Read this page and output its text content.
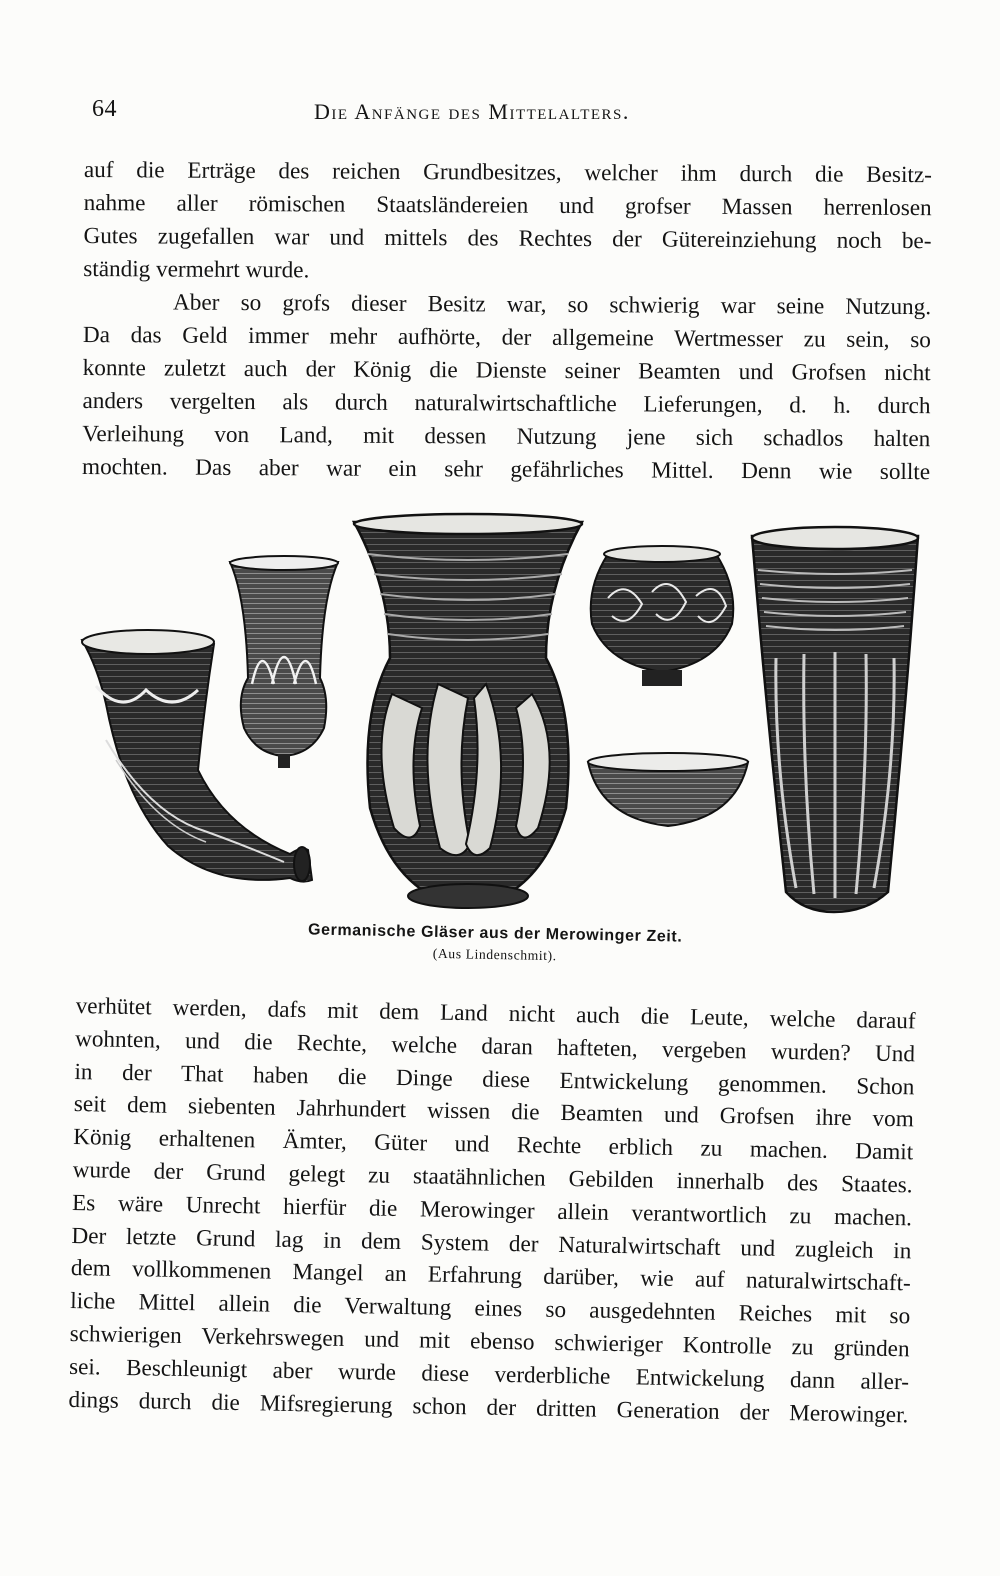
64	Die Anfänge des Mittelalters.
auf die Erträge des reichen Grundbesitzes, welcher ihm durch die Besitz-
nahme aller römischen Staatsländereien und grofser Massen herrenlosen
Gutes zugefallen war und mittels des Rechtes der Gütereinziehung noch be-
ständig vermehrt wurde.
Aber so grofs dieser Besitz war, so schwierig war seine Nutzung.
Da das Geld immer mehr aufhörte, der allgemeine Wertmesser zu sein, so
konnte zuletzt auch der König die Dienste seiner Beamten und Grofsen nicht
anders vergelten als durch naturalwirtschaftliche Lieferungen, d. h. durch
Verleihung von Land, mit dessen Nutzung jene sich schadlos halten
mochten. Das aber war ein sehr gefährliches Mittel. Denn wie sollte
Germanische Gläser aus der Merowinger Zeit.
(Aus Lindenschmit).
verhütet werden, dafs mit dem Land nicht auch die Leute, welche darauf
wohnten, und die Rechte, welche daran hafteten, vergeben wurden? Und
in der That haben die Dinge diese Entwickelung genommen. Schon
seit dem siebenten Jahrhundert wissen die Beamten und Grofsen ihre vom
König erhaltenen Ämter, Güter und Rechte erblich zu machen. Damit
wurde der Grund gelegt zu staatähnlichen Gebilden innerhalb des Staates.
Es wäre Unrecht hierfür die Merowinger allein verantwortlich zu machen.
Der letzte Grund lag in dem System der Naturalwirtschaft und zugleich in
dem vollkommenen Mangel an Erfahrung darüber, wie auf naturalwirtschaft-
liche Mittel allein die Verwaltung eines so ausgedehnten Reiches mit so
schwierigen Verkehrswegen und mit ebenso schwieriger Kontrolle zu gründen
sei. Beschleunigt aber wurde diese verderbliche Entwickelung dann aller-
dings durch die Mifsregierung schon der dritten Generation der Merowinger.
